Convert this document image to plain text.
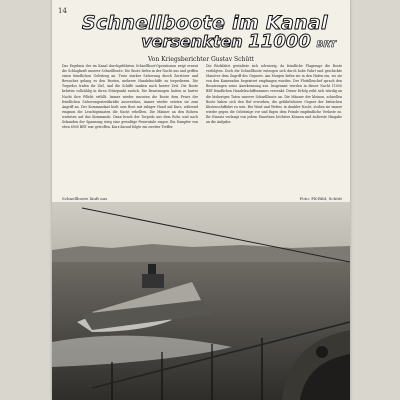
14
Schnellboote im Kanal
versenkten 11000 BRT
Von Kriegsberichter Gustav Schütt
Das Ergebnis der im Kanal durchgeführten Schnellboot-Operationen zeigt erneut die Schlagkraft unserer Schnellboote. Die Boote liefen in der Nacht aus und griffen einen feindlichen Geleitzug an. Trotz starker Sicherung durch Zerstörer und Bewacher gelang es den Booten, mehrere Handelsschiffe zu torpedieren. Die Torpedos trafen ihr Ziel, und die Schiffe sanken nach kurzer Zeit. Die Boote kehrten vollzählig in ihren Stützpunkt zurück. Die Besatzungen hatten in harter Nacht ihre Pflicht erfüllt. Immer wieder mussten die Boote dem Feuer der feindlichen Sicherungsstreitkräfte ausweichen, immer wieder setzten sie zum Angriff an. Der Kommandant hielt sein Boot mit ruhiger Hand auf Kurs, während ringsum die Leuchtgranaten die Nacht erhellten. Die Männer an den Rohren warteten auf das Kommando. Dann brach der Torpedo aus dem Rohr, und nach Sekunden der Spannung stieg eine gewaltige Feuersäule empor. Ein Dampfer von etwa 6000 BRT war getroffen. Kurz darauf folgte ein zweiter Treffer.
Die Rückfahrt gestaltete sich schwierig, da feindliche Flugzeuge die Boote verfolgten. Doch die Schnellboote entzogen sich durch hohe Fahrt und geschickte Manöver dem Zugriff des Gegners. Am Morgen liefen sie in den Hafen ein, wo sie von den Kameraden begeistert empfangen wurden. Der Flottillenchef sprach den Besatzungen seine Anerkennung aus. Insgesamt wurden in dieser Nacht 11000 BRT feindlichen Handelsschiffsraumes versenkt. Dieser Erfolg reiht sich würdig an die bisherigen Taten unserer Schnellboote an. Die Männer der kleinen, schnellen Boote haben sich den Ruf erworben, die gefährlichsten Gegner der britischen Küstenschiffahrt zu sein. Bei Wind und Wetter, in dunkler Nacht, stoßen sie immer wieder gegen die Geleitzüge vor und fügen dem Feinde empfindliche Verluste zu. Ihr Einsatz verlangt von jedem Einzelnen höchstes Können und äußerste Hingabe an die Aufgabe.
Schnellboote läuft aus	Foto: PK-Bild, Schütt
